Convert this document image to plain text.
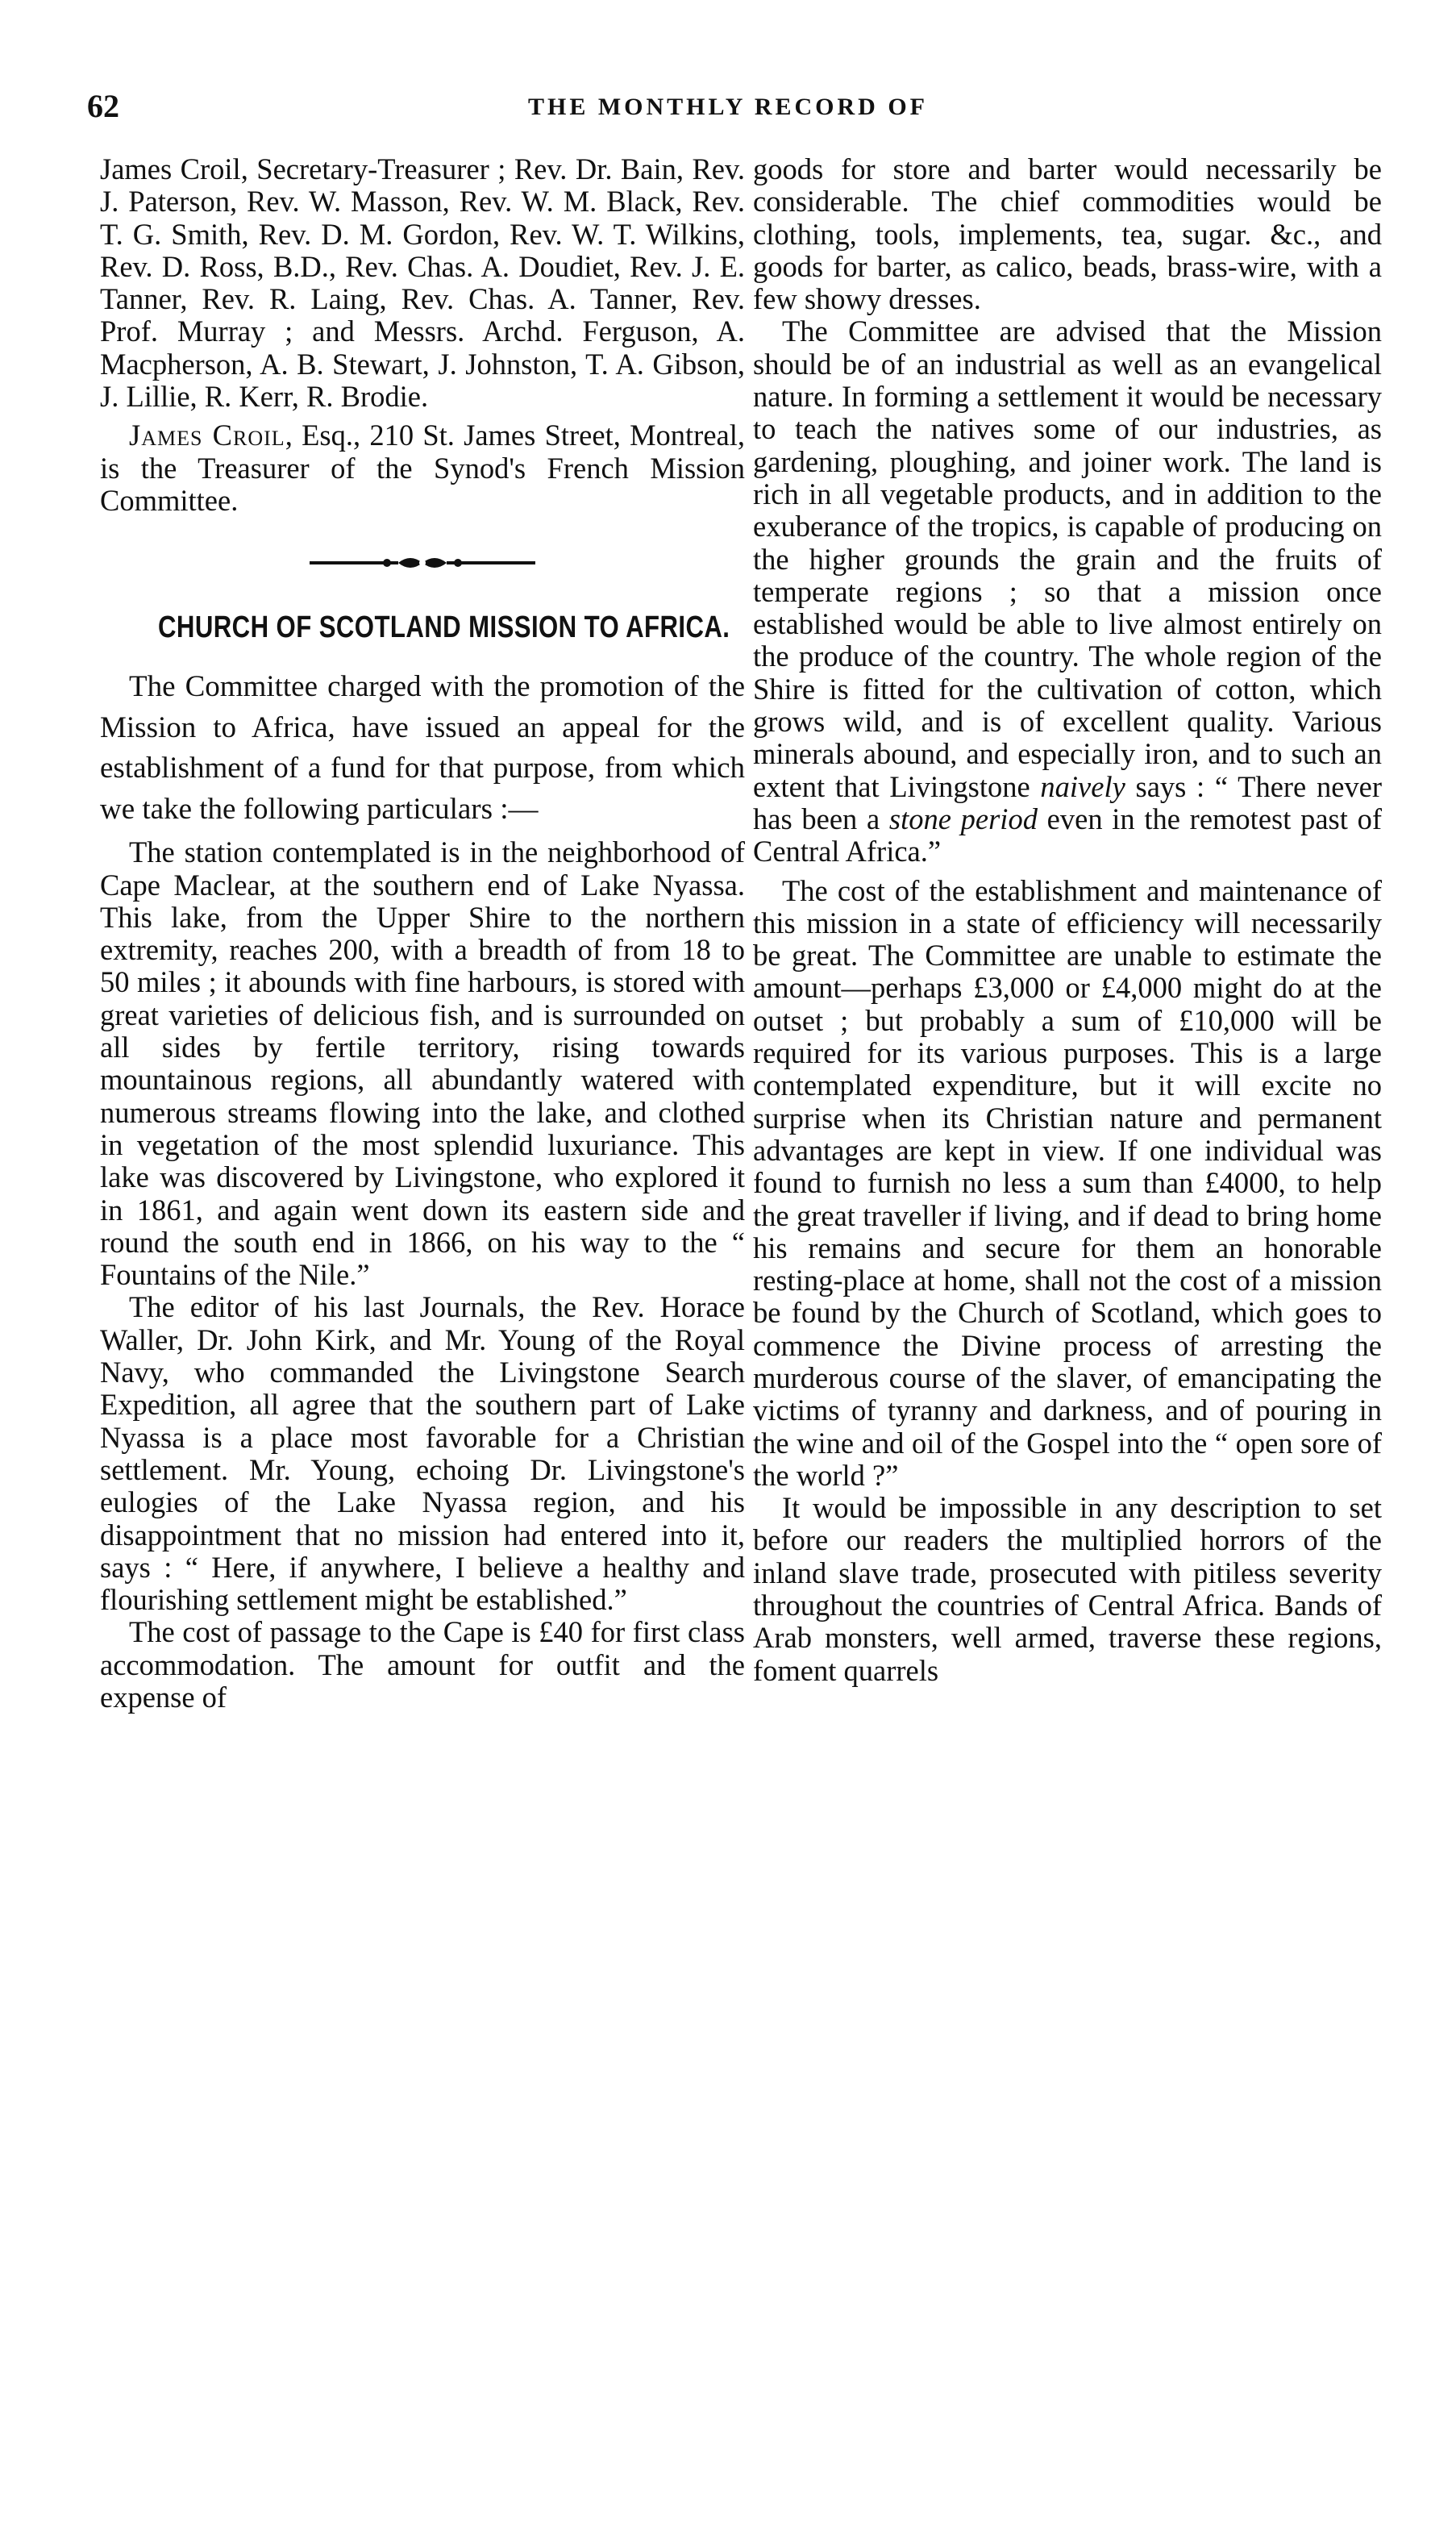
62	THE MONTHLY RECORD OF

James Croil, Secretary-Treasurer ; Rev. Dr. Bain, Rev. J. Paterson, Rev. W. Masson, Rev. W. M. Black, Rev. T. G. Smith, Rev. D. M. Gordon, Rev. W. T. Wilkins, Rev. D. Ross, B.D., Rev. Chas. A. Doudiet, Rev. J. E. Tanner, Rev. R. Laing, Rev. Chas. A. Tanner, Rev. Prof. Murray ; and Messrs. Archd. Ferguson, A. Macpherson, A. B. Stewart, J. Johnston, T. A. Gibson, J. Lillie, R. Kerr, R. Brodie.

James Croil, Esq., 210 St. James Street, Montreal, is the Treasurer of the Synod's French Mission Committee.

CHURCH OF SCOTLAND MISSION TO AFRICA.

The Committee charged with the promotion of the Mission to Africa, have issued an appeal for the establishment of a fund for that purpose, from which we take the following particulars :—

The station contemplated is in the neighborhood of Cape Maclear, at the southern end of Lake Nyassa. This lake, from the Upper Shire to the northern extremity, reaches 200, with a breadth of from 18 to 50 miles ; it abounds with fine harbours, is stored with great varieties of delicious fish, and is surrounded on all sides by fertile territory, rising towards mountainous regions, all abundantly watered with numerous streams flowing into the lake, and clothed in vegetation of the most splendid luxuriance. This lake was discovered by Livingstone, who explored it in 1861, and again went down its eastern side and round the south end in 1866, on his way to the “ Fountains of the Nile.”

The editor of his last Journals, the Rev. Horace Waller, Dr. John Kirk, and Mr. Young of the Royal Navy, who commanded the Livingstone Search Expedition, all agree that the southern part of Lake Nyassa is a place most favorable for a Christian settlement. Mr. Young, echoing Dr. Livingstone's eulogies of the Lake Nyassa region, and his disappointment that no mission had entered into it, says : “ Here, if anywhere, I believe a healthy and flourishing settlement might be established.”

The cost of passage to the Cape is £40 for first class accommodation. The amount for outfit and the expense of

goods for store and barter would necessarily be considerable. The chief commodities would be clothing, tools, implements, tea, sugar. &c., and goods for barter, as calico, beads, brass-wire, with a few showy dresses.

The Committee are advised that the Mission should be of an industrial as well as an evangelical nature. In forming a settlement it would be necessary to teach the natives some of our industries, as gardening, ploughing, and joiner work. The land is rich in all vegetable products, and in addition to the exuberance of the tropics, is capable of producing on the higher grounds the grain and the fruits of temperate regions ; so that a mission once established would be able to live almost entirely on the produce of the country. The whole region of the Shire is fitted for the cultivation of cotton, which grows wild, and is of excellent quality. Various minerals abound, and especially iron, and to such an extent that Livingstone naively says : “ There never has been a stone period even in the remotest past of Central Africa.”

The cost of the establishment and maintenance of this mission in a state of efficiency will necessarily be great. The Committee are unable to estimate the amount—perhaps £3,000 or £4,000 might do at the outset ; but probably a sum of £10,000 will be required for its various purposes. This is a large contemplated expenditure, but it will excite no surprise when its Christian nature and permanent advantages are kept in view. If one individual was found to furnish no less a sum than £4000, to help the great traveller if living, and if dead to bring home his remains and secure for them an honorable resting-place at home, shall not the cost of a mission be found by the Church of Scotland, which goes to commence the Divine process of arresting the murderous course of the slaver, of emancipating the victims of tyranny and darkness, and of pouring in the wine and oil of the Gospel into the “ open sore of the world ?”

It would be impossible in any description to set before our readers the multiplied horrors of the inland slave trade, prosecuted with pitiless severity throughout the countries of Central Africa. Bands of Arab monsters, well armed, traverse these regions, foment quarrels
